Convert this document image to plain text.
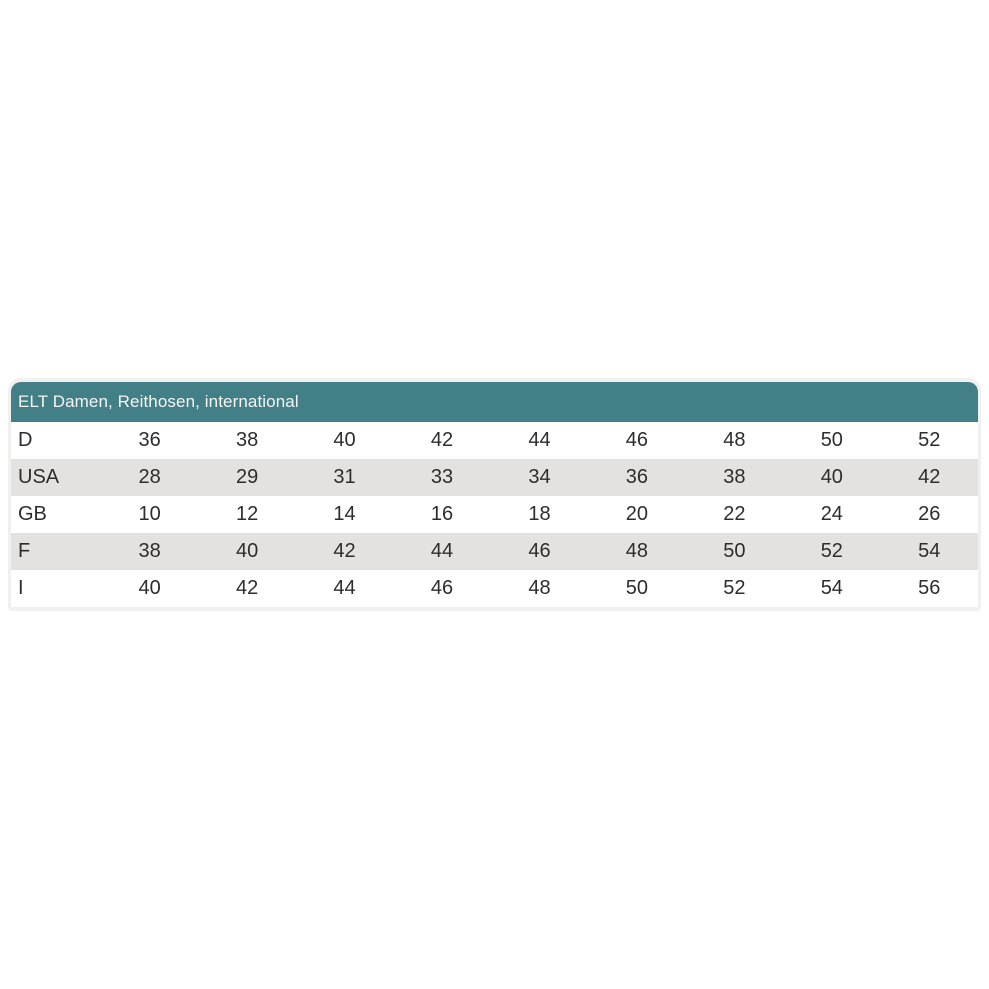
ELT Damen, Reithosen, international
D	36	38	40	42	44	46	48	50	52
USA	28	29	31	33	34	36	38	40	42
GB	10	12	14	16	18	20	22	24	26
F	38	40	42	44	46	48	50	52	54
I	40	42	44	46	48	50	52	54	56
